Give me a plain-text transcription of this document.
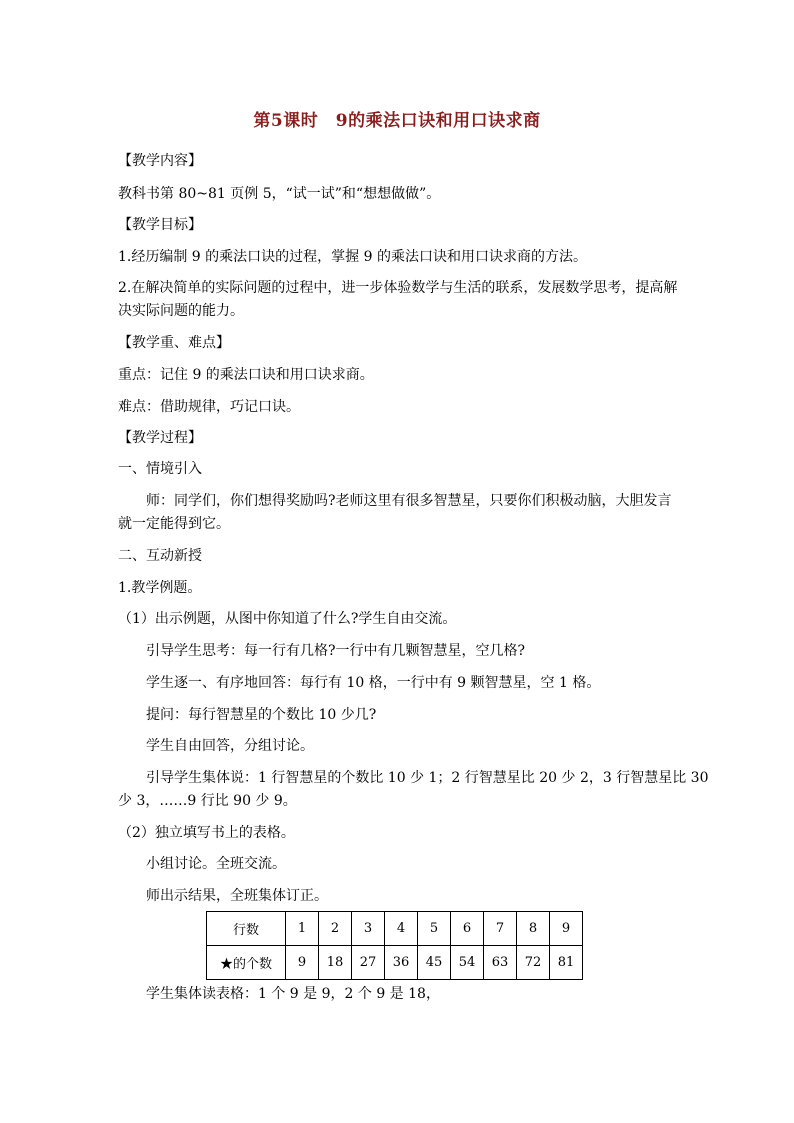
第5课时　9的乘法口诀和用口诀求商
【教学内容】
教科书第 80~81 页例 5，“试一试”和“想想做做”。
【教学目标】
1.经历编制 9 的乘法口诀的过程，掌握 9 的乘法口诀和用口诀求商的方法。
2.在解决简单的实际问题的过程中，进一步体验数学与生活的联系，发展数学思考，提高解
决实际问题的能力。
【教学重、难点】
重点：记住 9 的乘法口诀和用口诀求商。
难点：借助规律，巧记口诀。
【教学过程】
一、情境引入
师：同学们，你们想得奖励吗?老师这里有很多智慧星，只要你们积极动脑，大胆发言
就一定能得到它。
二、互动新授
1.教学例题。
（1）出示例题，从图中你知道了什么?学生自由交流。
引导学生思考：每一行有几格?一行中有几颗智慧星，空几格?
学生逐一、有序地回答：每行有 10 格，一行中有 9 颗智慧星，空 1 格。
提问：每行智慧星的个数比 10 少几?
学生自由回答，分组讨论。
引导学生集体说：1 行智慧星的个数比 10 少 1；2 行智慧星比 20 少 2，3 行智慧星比 30
少 3，……9 行比 90 少 9。
（2）独立填写书上的表格。
小组讨论。全班交流。
师出示结果，全班集体订正。
行数	1	2	3	4	5	6	7	8	9
★的个数	9	18	27	36	45	54	63	72	81
学生集体读表格：1 个 9 是 9，2 个 9 是 18，
